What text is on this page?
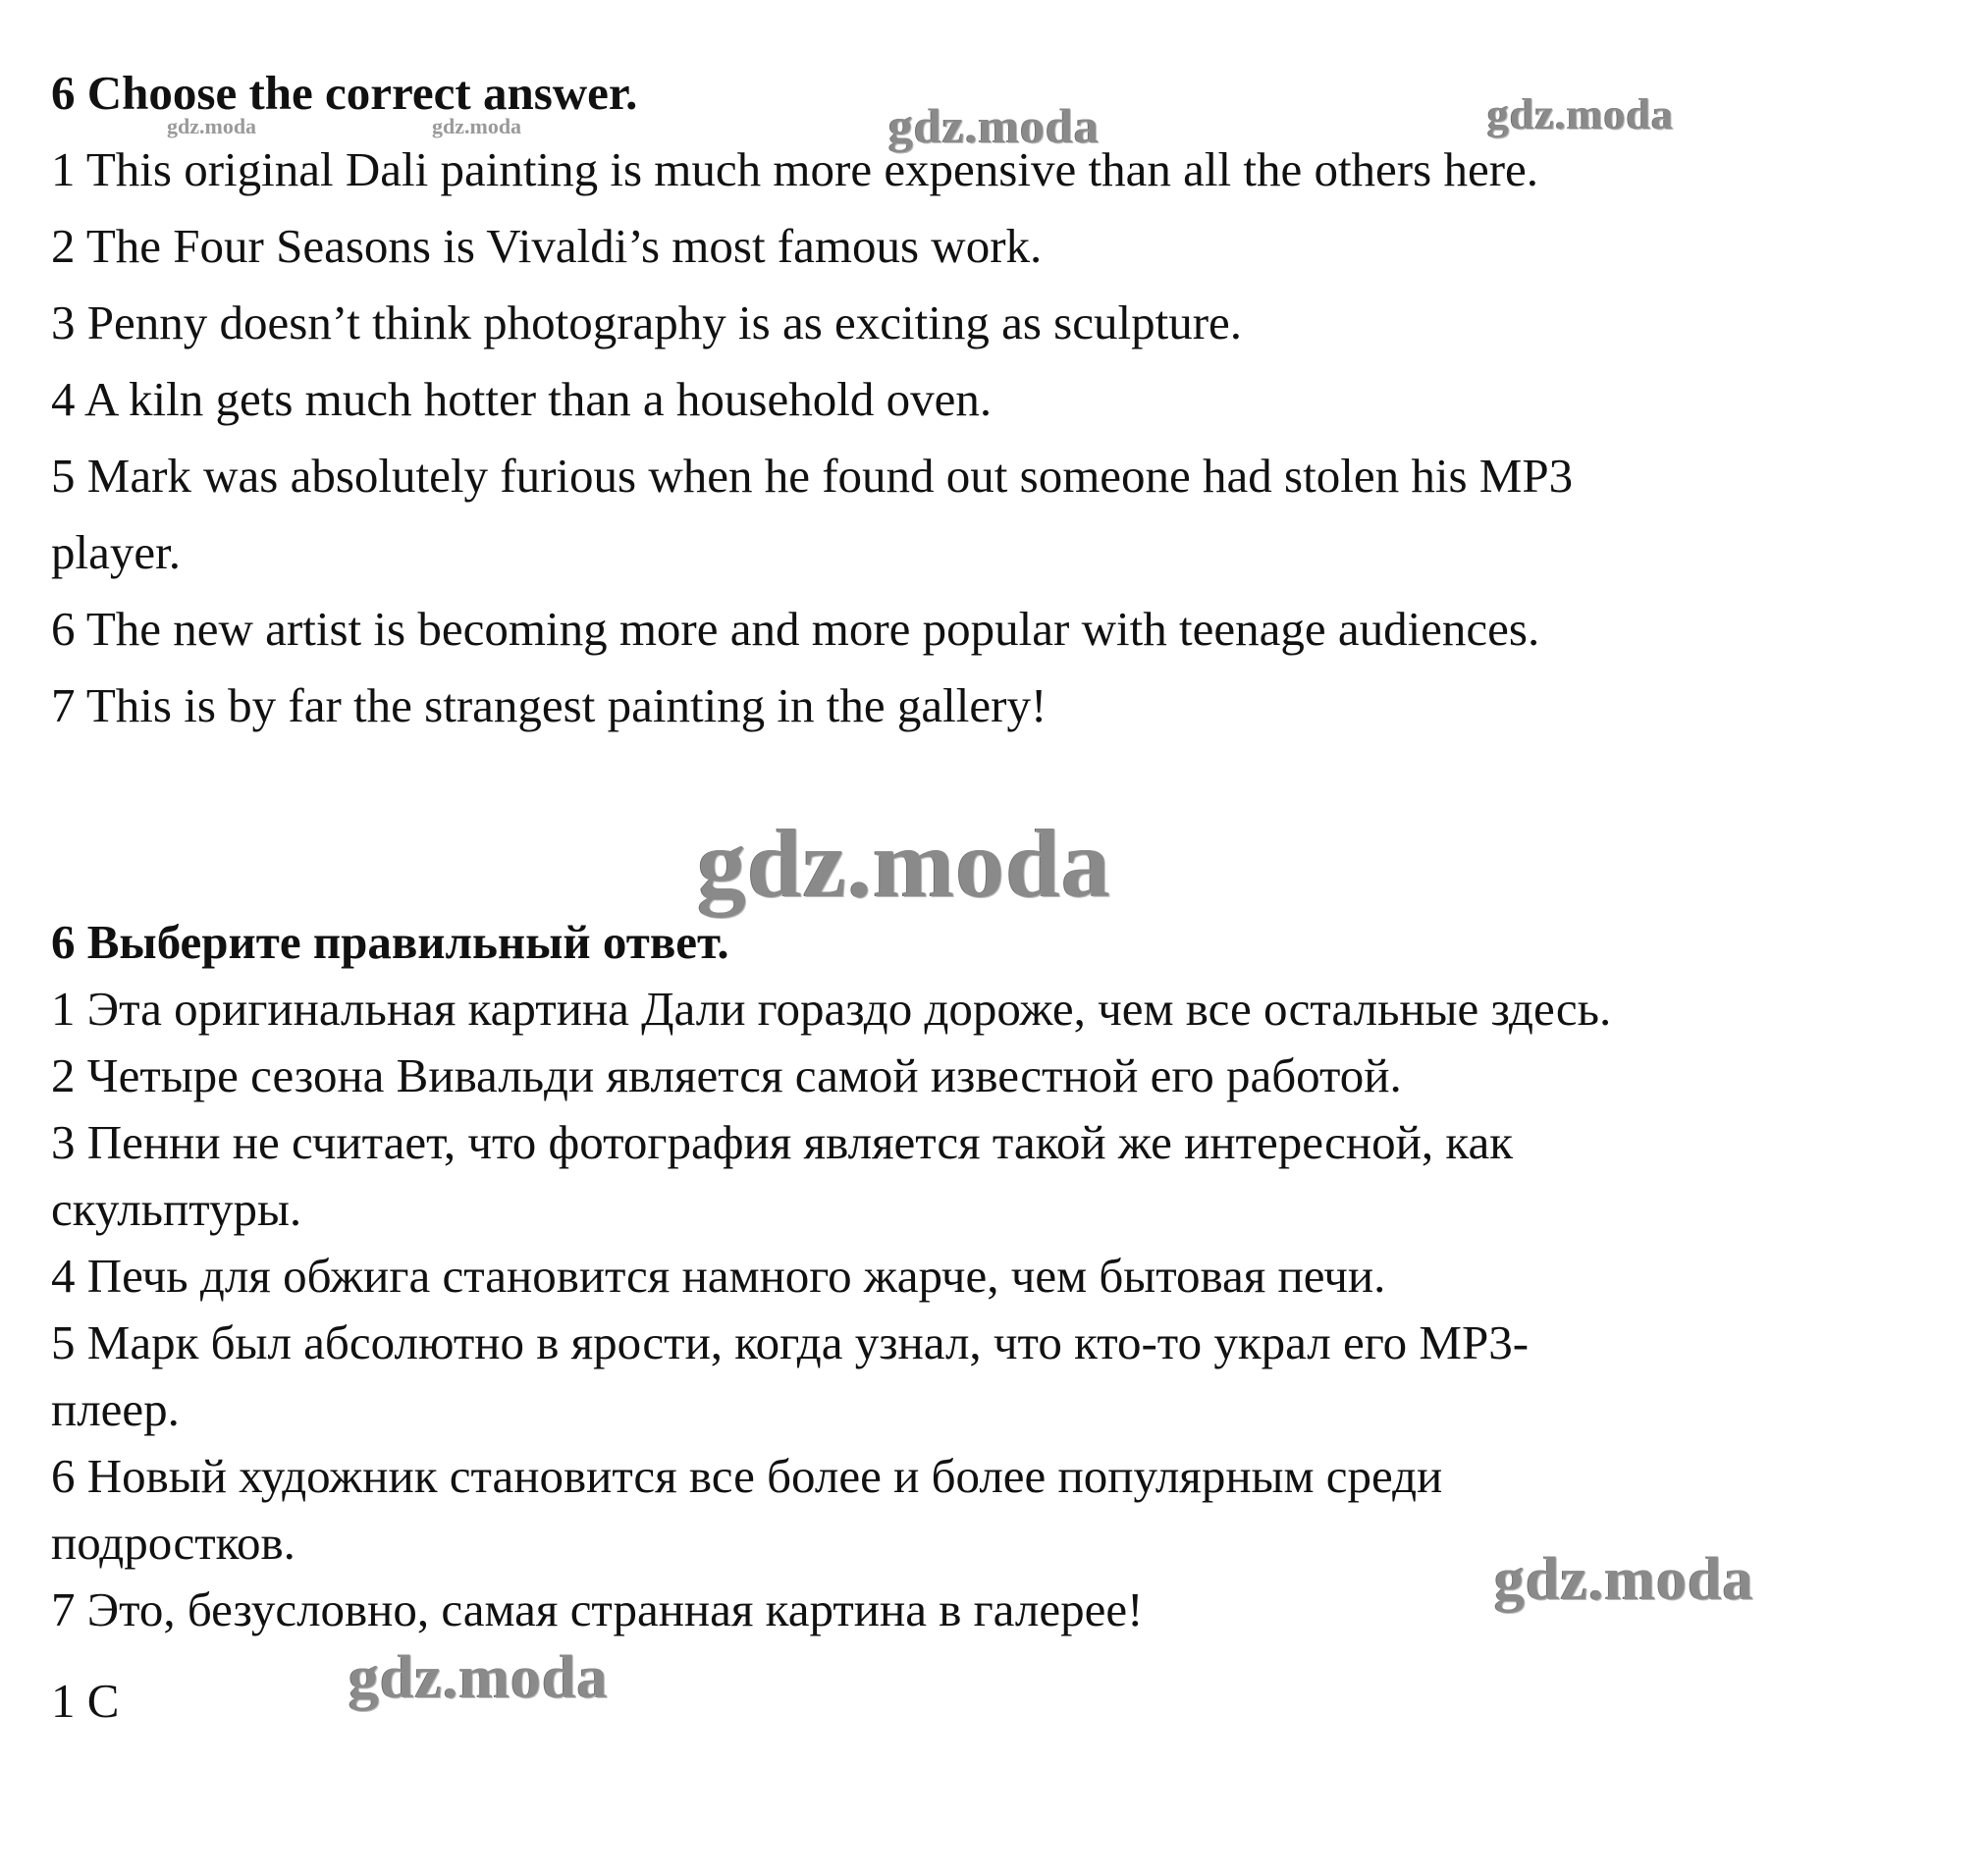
6 Choose the correct answer.
1 This original Dali painting is much more expensive than all the others here.
2 The Four Seasons is Vivaldi’s most famous work.
3 Penny doesn’t think photography is as exciting as sculpture.
4 A kiln gets much hotter than a household oven.
5 Mark was absolutely furious when he found out someone had stolen his MP3
player.
6 The new artist is becoming more and more popular with teenage audiences.
7 This is by far the strangest painting in the gallery!
6 Выберите правильный ответ.
1 Эта оригинальная картина Дали гораздо дороже, чем все остальные здесь.
2 Четыре сезона Вивальди является самой известной его работой.
3 Пенни не считает, что фотография является такой же интересной, как
скульптуры.
4 Печь для обжига становится намного жарче, чем бытовая печи.
5 Марк был абсолютно в ярости, когда узнал, что кто-то украл его MP3-
плеер.
6 Новый художник становится все более и более популярным среди
подростков.
7 Это, безусловно, самая странная картина в галерее!
1 C
gdz.moda	gdz.moda	gdz.moda	gdz.moda
gdz.moda
gdz.moda
gdz.moda
